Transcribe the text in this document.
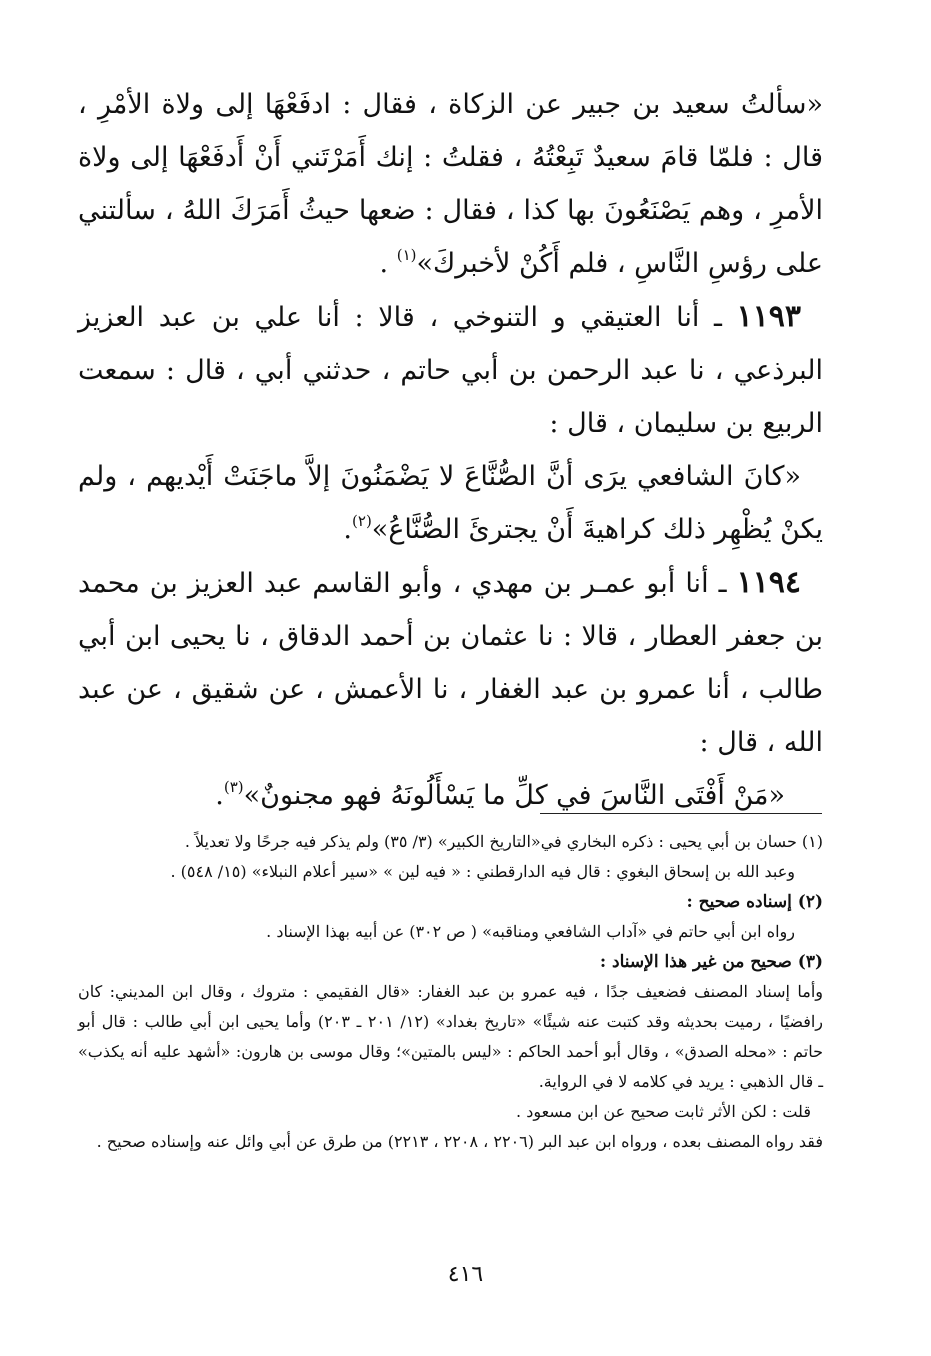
«سألتُ سعيد بن جبير عن الزكاة ، فقال : ادفَعْهَا إلى ولاة الأمْرِ ، قال : فلمّا قامَ سعيدٌ تَبِعْتُهُ ، فقلتُ : إنك أَمَرْتَني أَنْ أَدفَعْهَا إلى ولاة الأمرِ ، وهم يَصْنَعُونَ بها كذا ، فقال : ضعها حيثُ أَمَرَكَ اللهُ ، سألتني على رؤسِ النَّاسِ ، فلم أَكُنْ لأخبركَ»$^{(١)}$ .

١١٩٣ ـ أنا العتيقي و التنوخي ، قالا : أنا علي بن عبد العزيز البرذعي ، نا عبد الرحمن بن أبي حاتم ، حدثني أبي ، قال : سمعت الربيع بن سليمان ، قال :

«كانَ الشافعي يرَى أنَّ الصُّنَّاعَ لا يَضْمَنُونَ إلاَّ ماجَنَتْ أَيْديهم ، ولم يكنْ يُظْهِر ذلك كراهيةَ أَنْ يجترئَ الصُّنَّاعُ»$^{(٢)}$.

١١٩٤ ـ أنا أبو عمـر بن مهدي ، وأبو القاسم عبد العزيز بن محمد بن جعفر العطار ، قالا : نا عثمان بن أحمد الدقاق ، نا يحيى ابن أبي طالب ، أنا عمرو بن عبد الغفار ، نا الأعمش ، عن شقيق ، عن عبد الله ، قال :

«مَنْ أَفْتَى النَّاسَ في كلِّ ما يَسْأَلُونَهُ فهو مجنونٌ»$^{(٣)}$.

(١) حسان بن أبي يحيى : ذكره البخاري في«التاريخ الكبير» (٣/ ٣٥) ولم يذكر فيه جرحًا ولا تعديلاً .

وعبد الله بن إسحاق البغوي : قال فيه الدارقطني : « فيه لين » «سير أعلام النبلاء» (١٥/ ٥٤٨) .

(٢) إسناده صحيح :

رواه ابن أبي حاتم في «آداب الشافعي ومناقبه» ( ص ٣٠٢) عن أبيه بهذا الإسناد .

(٣) صحيح من غير هذا الإسناد :

وأما إسناد المصنف فضعيف جدًا ، فيه عمرو بن عبد الغفار: «قال الفقيمي : متروك ، وقال ابن المديني: كان رافضيًا ، رميت بحديثه وقد كتبت عنه شيئًا» «تاريخ بغداد» (١٢/ ٢٠١ ـ ٢٠٣) وأما يحيى ابن أبي طالب : قال أبو حاتم : «محله الصدق» ، وقال أبو أحمد الحاكم : «ليس بالمتين»؛ وقال موسى بن هارون: «أشهد عليه أنه يكذب» ـ قال الذهبي : يريد في كلامه لا في الرواية.

قلت : لكن الأثر ثابت صحيح عن ابن مسعود .

فقد رواه المصنف بعده ، ورواه ابن عبد البر (٢٢٠٦ ، ٢٢٠٨ ، ٢٢١٣) من طرق عن أبي وائل عنه وإسناده صحيح .

٤١٦
